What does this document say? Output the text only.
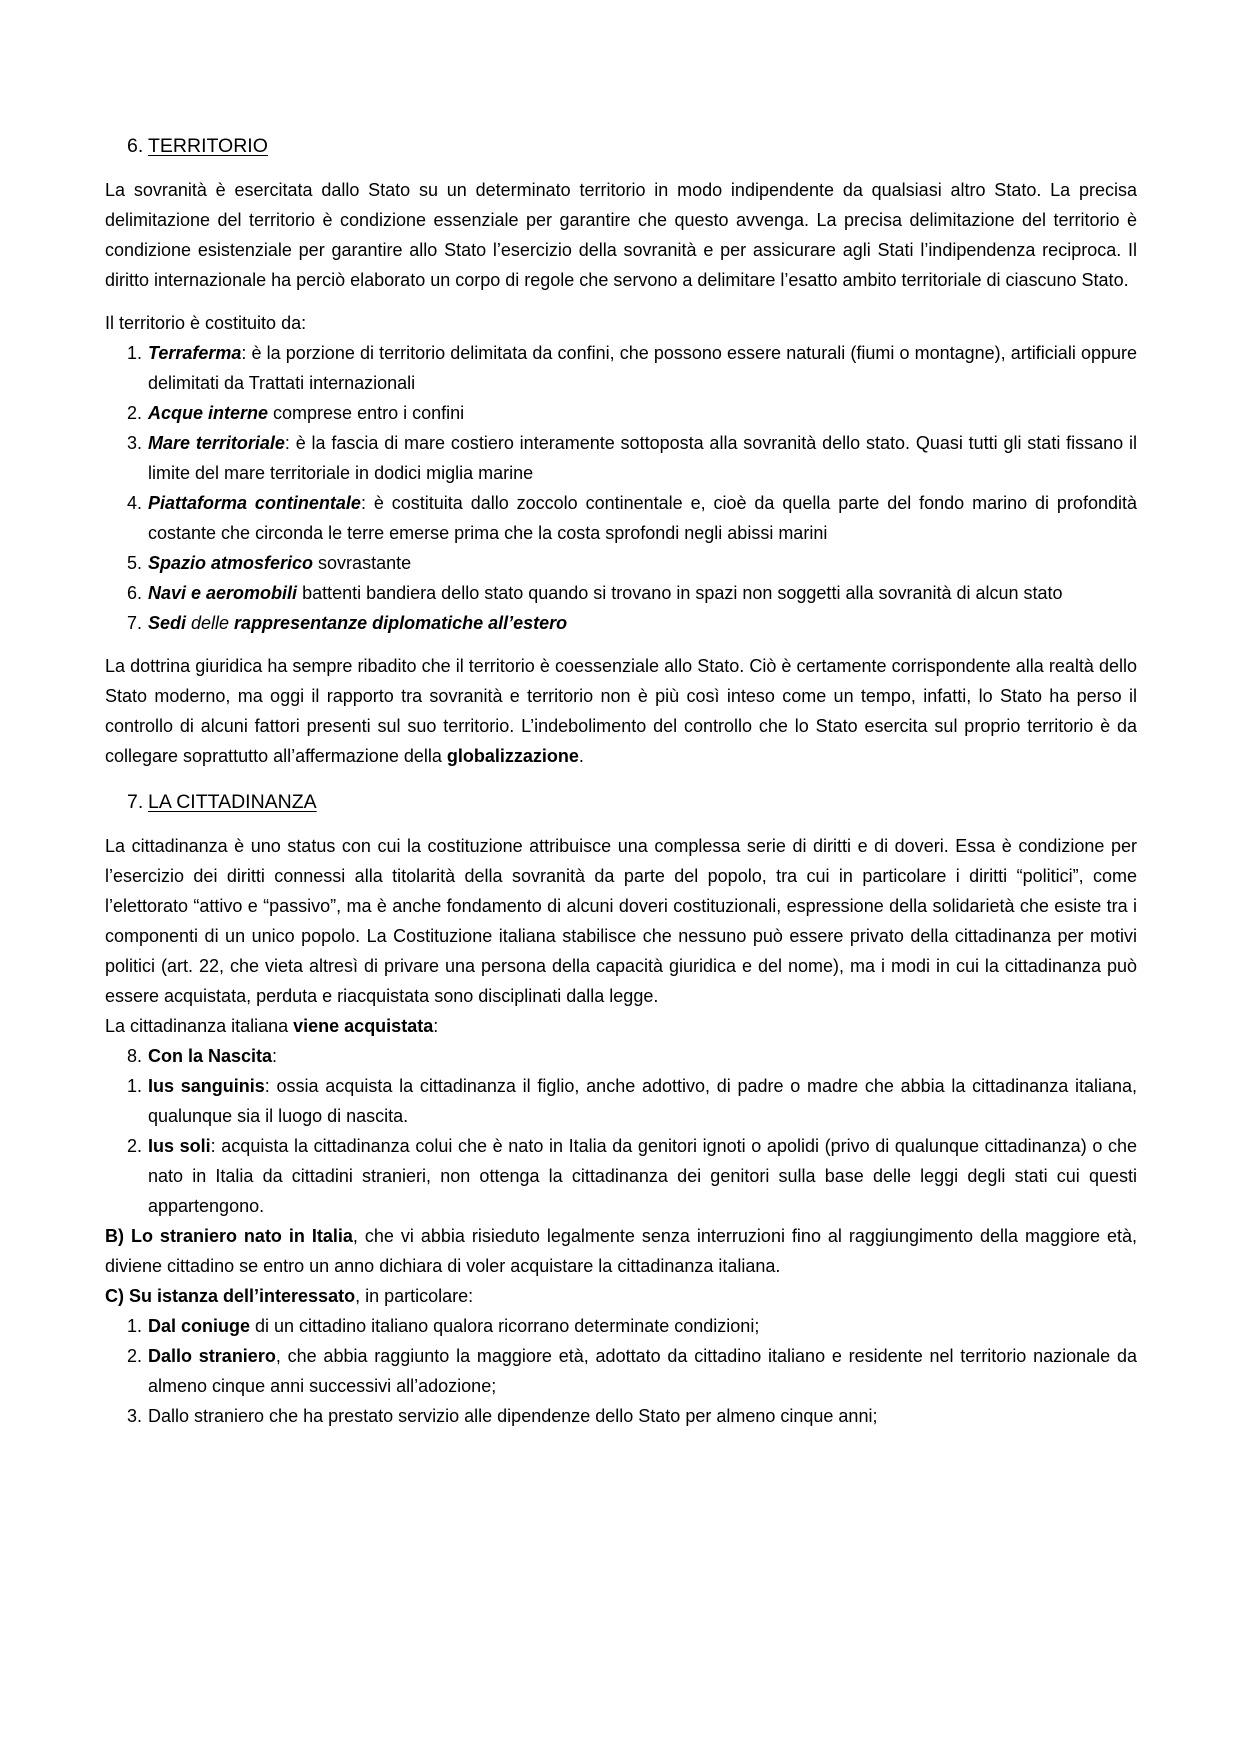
6. TERRITORIO

La sovranità è esercitata dallo Stato su un determinato territorio in modo indipendente da qualsiasi altro Stato. La precisa delimitazione del territorio è condizione essenziale per garantire che questo avvenga. La precisa delimitazione del territorio è condizione esistenziale per garantire allo Stato l’esercizio della sovranità e per assicurare agli Stati l’indipendenza reciproca. Il diritto internazionale ha perciò elaborato un corpo di regole che servono a delimitare l’esatto ambito territoriale di ciascuno Stato.

Il territorio è costituito da:

1. Terraferma: è la porzione di territorio delimitata da confini, che possono essere naturali (fiumi o montagne), artificiali oppure delimitati da Trattati internazionali
2. Acque interne comprese entro i confini
3. Mare territoriale: è la fascia di mare costiero interamente sottoposta alla sovranità dello stato. Quasi tutti gli stati fissano il limite del mare territoriale in dodici miglia marine
4. Piattaforma continentale: è costituita dallo zoccolo continentale e, cioè da quella parte del fondo marino di profondità costante che circonda le terre emerse prima che la costa sprofondi negli abissi marini
5. Spazio atmosferico sovrastante
6. Navi e aeromobili battenti bandiera dello stato quando si trovano in spazi non soggetti alla sovranità di alcun stato
7. Sedi delle rappresentanze diplomatiche all’estero

La dottrina giuridica ha sempre ribadito che il territorio è coessenziale allo Stato. Ciò è certamente corrispondente alla realtà dello Stato moderno, ma oggi il rapporto tra sovranità e territorio non è più così inteso come un tempo, infatti, lo Stato ha perso il controllo di alcuni fattori presenti sul suo territorio. L’indebolimento del controllo che lo Stato esercita sul proprio territorio è da collegare soprattutto all’affermazione della globalizzazione.

7. LA CITTADINANZA

La cittadinanza è uno status con cui la costituzione attribuisce una complessa serie di diritti e di doveri. Essa è condizione per l’esercizio dei diritti connessi alla titolarità della sovranità da parte del popolo, tra cui in particolare i diritti “politici”, come l’elettorato “attivo e “passivo”, ma è anche fondamento di alcuni doveri costituzionali, espressione della solidarietà che esiste tra i componenti di un unico popolo. La Costituzione italiana stabilisce che nessuno può essere privato della cittadinanza per motivi politici (art. 22, che vieta altresì di privare una persona della capacità giuridica e del nome), ma i modi in cui la cittadinanza può essere acquistata, perduta e riacquistata sono disciplinati dalla legge.

La cittadinanza italiana viene acquistata:

8. Con la Nascita:
1. Ius sanguinis: ossia acquista la cittadinanza il figlio, anche adottivo, di padre o madre che abbia la cittadinanza italiana, qualunque sia il luogo di nascita.
2. Ius soli: acquista la cittadinanza colui che è nato in Italia da genitori ignoti o apolidi (privo di qualunque cittadinanza) o che nato in Italia da cittadini stranieri, non ottenga la cittadinanza dei genitori sulla base delle leggi degli stati cui questi appartengono.

B) Lo straniero nato in Italia, che vi abbia risieduto legalmente senza interruzioni fino al raggiungimento della maggiore età, diviene cittadino se entro un anno dichiara di voler acquistare la cittadinanza italiana.

C) Su istanza dell’interessato, in particolare:

1. Dal coniuge di un cittadino italiano qualora ricorrano determinate condizioni;
2. Dallo straniero, che abbia raggiunto la maggiore età, adottato da cittadino italiano e residente nel territorio nazionale da almeno cinque anni successivi all’adozione;
3. Dallo straniero che ha prestato servizio alle dipendenze dello Stato per almeno cinque anni;
